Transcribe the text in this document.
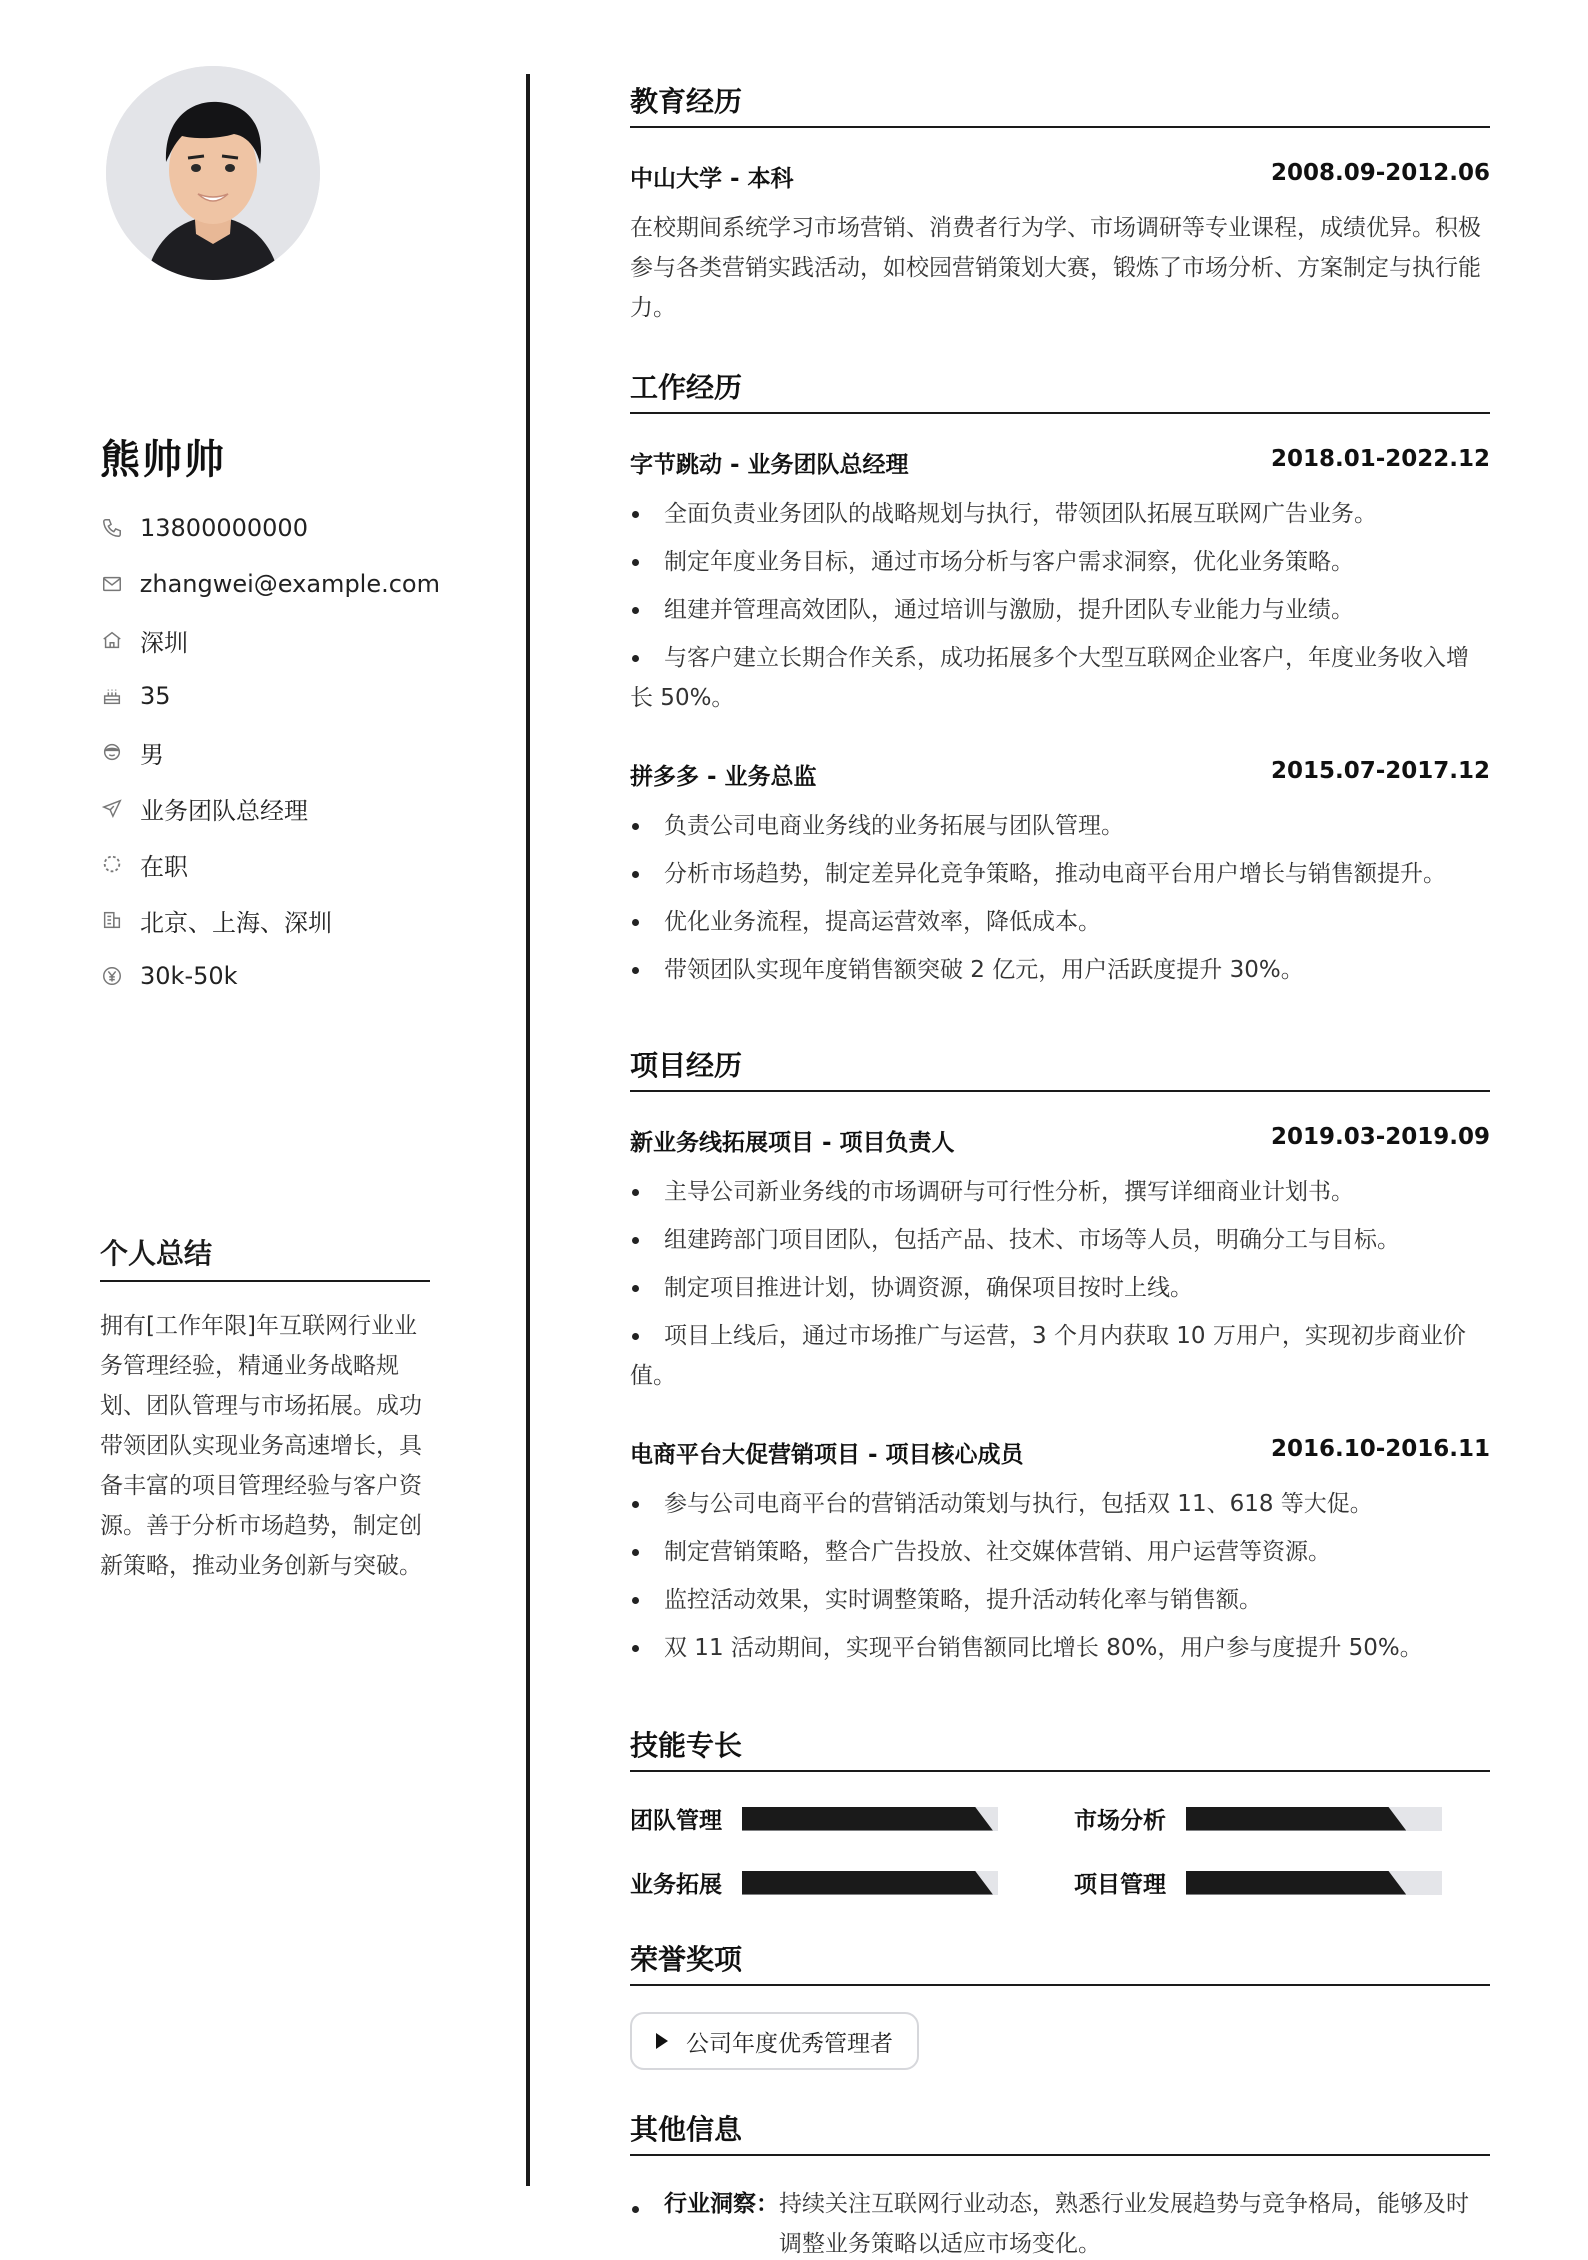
熊帅帅
13800000000
zhangwei@example.com
深圳
35
男
业务团队总经理
在职
北京、上海、深圳
30k-50k
个人总结
拥有[工作年限]年互联网行业业务管理经验，精通业务战略规划、团队管理与市场拓展。成功带领团队实现业务高速增长，具备丰富的项目管理经验与客户资源。善于分析市场趋势，制定创新策略，推动业务创新与突破。
教育经历
中山大学 - 本科	2008.09-2012.06
在校期间系统学习市场营销、消费者行为学、市场调研等专业课程，成绩优异。积极参与各类营销实践活动，如校园营销策划大赛，锻炼了市场分析、方案制定与执行能力。
工作经历
字节跳动 - 业务团队总经理	2018.01-2022.12
全面负责业务团队的战略规划与执行，带领团队拓展互联网广告业务。
制定年度业务目标，通过市场分析与客户需求洞察，优化业务策略。
组建并管理高效团队，通过培训与激励，提升团队专业能力与业绩。
与客户建立长期合作关系，成功拓展多个大型互联网企业客户，年度业务收入增长 50%。
拼多多 - 业务总监	2015.07-2017.12
负责公司电商业务线的业务拓展与团队管理。
分析市场趋势，制定差异化竞争策略，推动电商平台用户增长与销售额提升。
优化业务流程，提高运营效率，降低成本。
带领团队实现年度销售额突破 2 亿元，用户活跃度提升 30%。
项目经历
新业务线拓展项目 - 项目负责人	2019.03-2019.09
主导公司新业务线的市场调研与可行性分析，撰写详细商业计划书。
组建跨部门项目团队，包括产品、技术、市场等人员，明确分工与目标。
制定项目推进计划，协调资源，确保项目按时上线。
项目上线后，通过市场推广与运营，3 个月内获取 10 万用户，实现初步商业价值。
电商平台大促营销项目 - 项目核心成员	2016.10-2016.11
参与公司电商平台的营销活动策划与执行，包括双 11、618 等大促。
制定营销策略，整合广告投放、社交媒体营销、用户运营等资源。
监控活动效果，实时调整策略，提升活动转化率与销售额。
双 11 活动期间，实现平台销售额同比增长 80%，用户参与度提升 50%。
技能专长
团队管理	市场分析
业务拓展	项目管理
荣誉奖项
公司年度优秀管理者
其他信息
行业洞察： 持续关注互联网行业动态，熟悉行业发展趋势与竞争格局，能够及时调整业务策略以适应市场变化。
